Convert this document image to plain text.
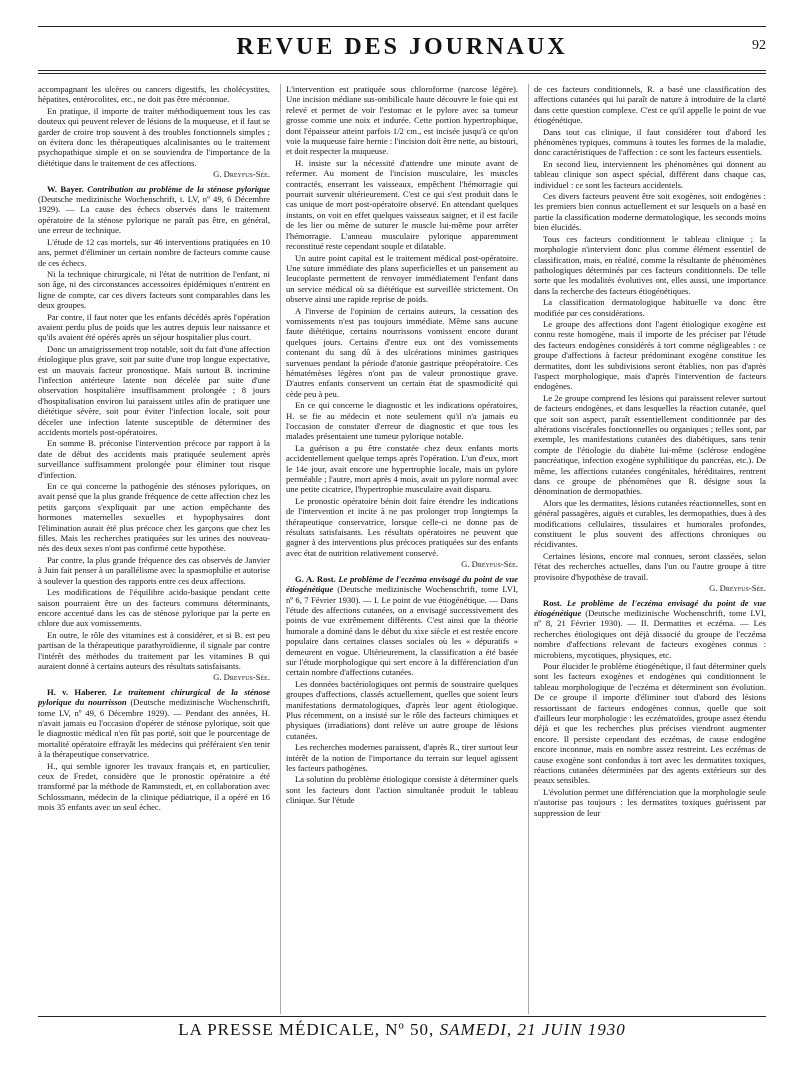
REVUE DES JOURNAUX	92

accompagnant les ulcères ou cancers digestifs, les cholécystites, hépatites, entérocolites, etc., ne doit pas être méconnue.

En pratique, il importe de traiter méthodiquement tous les cas douteux qui peuvent relever de lésions de la muqueuse, et il faut se garder de croire trop souvent à des troubles fonctionnels simples ; on évitera donc les thérapeutiques alcalinisantes ou le traitement psychopathique simple et on se souviendra de l'importance de la diététique dans le traitement de ces affections.

G. Dreyfus-Sée.

W. Bayer. Contribution au problème de la sténose pylorique (Deutsche medizinische Wochenschrift, t. LV, nº 49, 6 Décembre 1929). — La cause des échecs observés dans le traitement opératoire de la sténose pylorique ne paraît pas être, en général, une erreur de technique.

L'étude de 12 cas mortels, sur 46 interventions pratiquées en 10 ans, permet d'éliminer un certain nombre de facteurs comme cause de ces échecs.

Ni la technique chirurgicale, ni l'état de nutrition de l'enfant, ni son âge, ni des circonstances accessoires épidémiques n'entrent en ligne de compte, car ces divers facteurs sont comparables dans les deux groupes.

Par contre, il faut noter que les enfants décédés après l'opération avaient perdu plus de poids que les autres depuis leur naissance et qu'ils avaient été opérés après un séjour hospitalier plus court.

Donc un amaigrissement trop notable, soit du fait d'une affection étiologique plus grave, soit par suite d'une trop longue expectative, est un mauvais facteur pronostique. Mais surtout B. incrimine l'infection antérieure latente non décelée par suite d'une observation hospitalière insuffisamment prolongée ; 8 jours d'hospitalisation environ lui paraissent utiles afin de pratiquer une diététique sévère, soit pour éviter l'infection locale, soit pour déceler une infection latente susceptible de déterminer des accidents mortels post-opératoires.

En somme B. préconise l'intervention précoce par rapport à la date de début des accidents mais pratiquée seulement après surveillance suffisamment prolongée pour éliminer tout risque d'infection.

En ce qui concerne la pathogénie des sténoses pyloriques, on avait pensé que la plus grande fréquence de cette affection chez les petits garçons s'expliquait par une action empêchante des hormones maternelles sexuelles et hypophysaires dont l'élimination aurait été plus précoce chez les garçons que chez les filles. Mais les recherches pratiquées sur les urines des nouveau-nés des deux sexes n'ont pas confirmé cette hypothèse.

Par contre, la plus grande fréquence des cas observés de Janvier à Juin fait penser à un parallélisme avec la spasmophilie et autorise à soulever la question des rapports entre ces deux affections.

Les modifications de l'équilibre acido-basique pendant cette saison pourraient être un des facteurs communs déterminants, encore accentué dans les cas de sténose pylorique par la perte en chlore due aux vomissements.

En outre, le rôle des vitamines est à considérer, et si B. est peu partisan de la thérapeutique parathyroïdienne, il signale par contre l'intérêt des méthodes du traitement par les vitamines B qui auraient donné à certains auteurs des résultats satisfaisants.

G. Dreyfus-Sée.

H. v. Haberer. Le traitement chirurgical de la sténose pylorique du nourrisson (Deutsche medizinische Wochenschrift, tome LV, nº 49, 6 Décembre 1929). — Pendant des années, H. n'avait jamais eu l'occasion d'opérer de sténose pylorique, soit que le diagnostic médical n'en fût pas porté, soit que le pourcentage de mortalité opératoire effrayât les médecins qui préféraient s'en tenir à la thérapeutique conservatrice.

H., qui semble ignorer les travaux français et, en particulier, ceux de Fredet, considère que le pronostic opératoire a été transformé par la méthode de Rammstedt, et, en collaboration avec Schlossmann, médecin de la clinique pédiatrique, il a opéré en 16 mois 35 enfants avec un seul échec.

L'intervention est pratiquée sous chloroforme (narcose légère). Une incision médiane sus-ombilicale haute découvre le foie qui est relevé et permet de voir l'estomac et le pylore avec sa tumeur grosse comme une noix et indurée. Cette portion hypertrophique, dont l'épaisseur atteint parfois 1/2 cm., est incisée jusqu'à ce qu'on voie la muqueuse faire hernie : l'incision doit être nette, au bistouri, et doit respecter la muqueuse.

H. insiste sur la nécessité d'attendre une minute avant de refermer. Au moment de l'incision musculaire, les muscles contractés, enserrant les vaisseaux, empêchent l'hémorragie qui pourrait survenir ultérieurement. C'est ce qui s'est produit dans le cas unique de mort post-opératoire observé. En attendant quelques instants, on voit en effet quelques vaisseaux saigner, et il est facile de les lier ou même de suturer le muscle lui-même pour arrêter l'hémorragie. L'anneau musculaire pylorique apparemment reconstitué reste cependant souple et dilatable.

Un autre point capital est le traitement médical post-opératoire. Une suture immédiate des plans superficielles et un pansement au leucoplaste permettent de renvoyer immédiatement l'enfant dans un service médical où sa diététique est surveillée strictement. On observe ainsi une rapide reprise de poids.

A l'inverse de l'opinion de certains auteurs, la cessation des vomissements n'est pas toujours immédiate. Même sans aucune faute diététique, certains nourrissons vomissent encore durant quelques jours. Certains d'entre eux ont des vomissements contenant du sang dû à des ulcérations minimes gastriques survenues pendant la période d'atonie gastrique préopératoire. Ces hématémèses légères n'ont pas de valeur pronostique grave. D'autres enfants conservent un certain état de spasmodicité qui cède peu à peu.

En ce qui concerne le diagnostic et les indications opératoires, H. se fie au médecin et note seulement qu'il n'a jamais eu l'occasion de constater d'erreur de diagnostic et que tous les malades présentaient une tumeur pylorique notable.

La guérison a pu être constatée chez deux enfants morts accidentellement quelque temps après l'opération. L'un d'eux, mort le 14e jour, avait encore une hypertrophie locale, mais un pylore perméable ; l'autre, mort après 4 mois, avait un pylore normal avec une petite cicatrice, l'hypertrophie musculaire avait disparu.

Le pronostic opératoire bénin doit faire étendre les indications de l'intervention et incite à ne pas prolonger trop longtemps la thérapeutique conservatrice, lorsque celle-ci ne donne pas de résultats satisfaisants. Les résultats opératoires ne peuvent que gagner à des interventions plus précoces pratiquées sur des enfants avec état de nutrition relativement conservé.

G. Dreyfus-Sée.

G. A. Rost. Le problème de l'eczéma envisagé du point de vue étiogénétique (Deutsche medizinische Wochenschrift, tome LVI, nº 6, 7 Février 1930). — I. Le point de vue étiogénétique. — Dans l'étude des affections cutanées, on a envisagé successivement des points de vue extrêmement différents. C'est ainsi que la théorie humorale a dominé dans le début du xixe siècle et est restée encore populaire dans certaines classes sociales où les « dépuratifs » demeurent en vogue. Ultérieurement, la classification a été basée sur l'étude morphologique qui sert encore à la différenciation d'un certain nombre d'affections cutanées.

Les données bactériologiques ont permis de soustraire quelques groupes d'affections, classés actuellement, quelles que soient leurs manifestations dermatologiques, d'après leur agent étiologique. Plus récemment, on a insisté sur le rôle des facteurs chimiques et physiques (irradiations) dont relève un autre groupe de lésions cutanées.

Les recherches modernes paraissent, d'après R., tirer surtout leur intérêt de la notion de l'importance du terrain sur lequel agissent les facteurs pathogènes.

La solution du problème étiologique consiste à déterminer quels sont les facteurs dont l'action simultanée produit le tableau clinique. Sur l'étude

de ces facteurs conditionnels, R. a basé une classification des affections cutanées qui lui paraît de nature à introduire de la clarté dans cette question complexe. C'est ce qu'il appelle le point de vue étiogénétique.

Dans tout cas clinique, il faut considérer tout d'abord les phénomènes typiques, communs à toutes les formes de la maladie, donc caractéristiques de l'affection : ce sont les facteurs essentiels.

En second lieu, interviennent les phénomènes qui donnent au tableau clinique son aspect spécial, différent dans chaque cas, individuel : ce sont les facteurs accidentels.

Ces divers facteurs peuvent être soit exogènes, soit endogènes : les premiers bien connus actuellement et sur lesquels on a basé en partie la classification moderne dermatologique, les seconds moins bien élucidés.

Tous ces facteurs conditionnent le tableau clinique ; la morphologie n'intervient donc plus comme élément essentiel de classification, mais, en réalité, comme la résultante de phénomènes pathologiques déterminés par ces facteurs conditionnels. De telle sorte que les modalités évolutives ont, elles aussi, une importance dans la recherche des facteurs étiogénétiques.

La classification dermatologique habituelle va donc être modifiée par ces considérations.

Le groupe des affections dont l'agent étiologique exogène est connu reste homogène, mais il importe de les préciser par l'étude des facteurs endogènes considérés à tort comme négligeables : ce groupe d'affections à facteur prédominant exogène constitue les dermatites, dont les subdivisions seront établies, non pas d'après l'aspect morphologique, mais d'après l'intervention de facteurs endogènes.

Le 2e groupe comprend les lésions qui paraissent relever surtout de facteurs endogènes, et dans lesquelles la réaction cutanée, quel que soit son aspect, paraît essentiellement conditionnée par des altérations viscérales fonctionnelles ou organiques ; telles sont, par exemple, les manifestations cutanées des diabétiques, sans tenir compte de l'étiologie du diabète lui-même (sclérose endogène pancréatique, infection exogène syphilitique du pancréas, etc.). De même, les affections cutanées congénitales, héréditaires, rentrent dans ce groupe de phénomènes que R. désigne sous la dénomination de dermopathies.

Alors que les dermatites, lésions cutanées réactionnelles, sont en général passagères, aiguës et curables, les dermopathies, dues à des modifications cellulaires, tissulaires et humorales profondes, constituent le plus souvent des affections chroniques ou récidivantes.

Certaines lésions, encore mal connues, seront classées, selon l'état des recherches actuelles, dans l'un ou l'autre groupe à titre provisoire d'hypothèse de travail.

G. Dreyfus-Sée.

Rost. Le problème de l'eczéma envisagé du point de vue étiogénétique (Deutsche medizinische Wochenschrift, tome LVI, nº 8, 21 Février 1930). — II. Dermatites et eczéma. — Les recherches étiologiques ont déjà dissocié du groupe de l'eczéma nombre d'affections relevant de facteurs exogènes connus : microbiens, mycotiques, physiques, etc.

Pour élucider le problème étiogénétique, il faut déterminer quels sont les facteurs exogènes et endogènes qui conditionnent le tableau morphologique de l'eczéma et déterminent son évolution. De ce groupe il importe d'éliminer tout d'abord des lésions ressortissant de facteurs endogènes connus, quelle que soit d'ailleurs leur morphologie : les eczématoïdes, groupe assez étendu déjà et que les recherches plus précises viendront augmenter encore. Il persiste cependant des eczémas, de cause endogène encore inconnue, mais en nombre assez restreint. Les eczémas de cause exogène sont confondus à tort avec les dermatites toxiques, réactions cutanées déterminées par des agents extérieurs sur des peaux sensibles.

L'évolution permet une différenciation que la morphologie seule n'autorise pas toujours : les dermatites toxiques guérissent par suppression de leur

LA PRESSE MÉDICALE, Nº 50, SAMEDI, 21 JUIN 1930
